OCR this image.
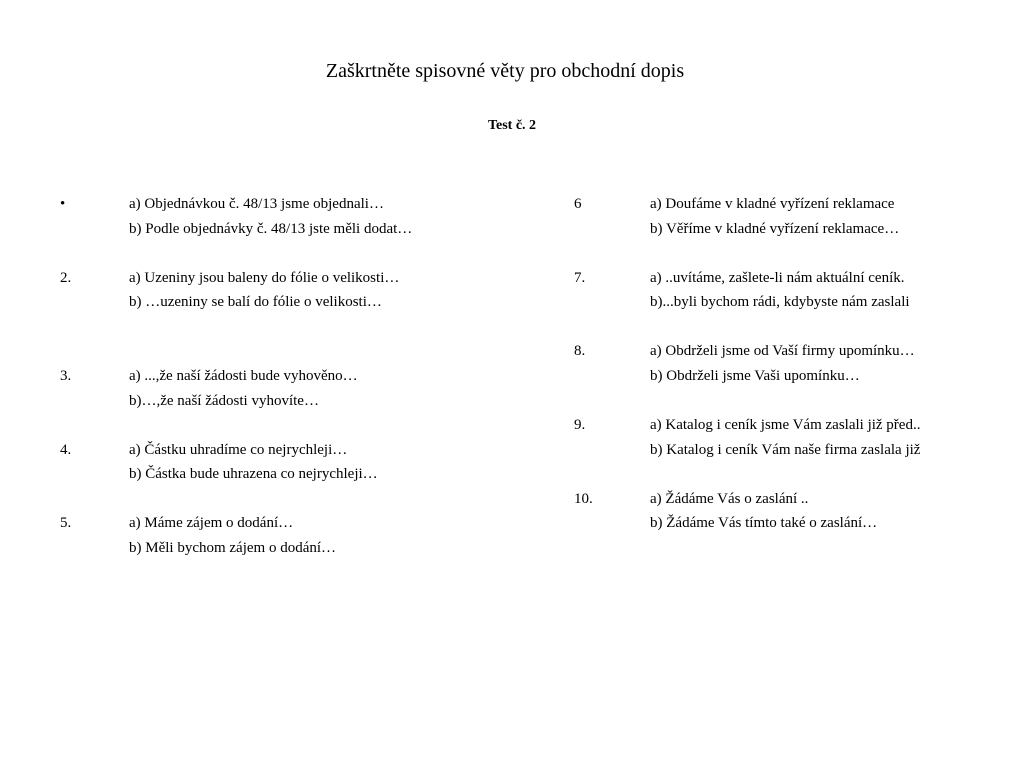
Zaškrtněte spisovné věty pro obchodní dopis
Test č. 2
•	a) Objednávkou č. 48/13 jsme objednali…
b) Podle objednávky č. 48/13 jste měli dodat…
2.	a) Uzeniny jsou baleny do fólie o velikosti…
b) …uzeniny se balí do fólie o velikosti…
3.	a) ...,že naší žádosti bude vyhověno…
b)…,že naší žádosti vyhovíte…
4.	a) Částku uhradíme co nejrychleji…
b) Částka bude uhrazena co nejrychleji…
5.	a) Máme zájem o dodání…
b) Měli bychom zájem o dodání…
6	a) Doufáme v kladné vyřízení reklamace
b) Věříme v kladné vyřízení reklamace…
7.	a) ..uvítáme, zašlete-li nám aktuální ceník.
b)...byli bychom rádi, kdybyste nám zaslali
8.	a) Obdrželi jsme od Vaší firmy upomínku…
b) Obdrželi jsme Vaši upomínku…
9.	a) Katalog i ceník jsme Vám zaslali již před..
b) Katalog i ceník Vám naše firma zaslala již
10.	a) Žádáme Vás o zaslání ..
b) Žádáme Vás tímto také o zaslání…
